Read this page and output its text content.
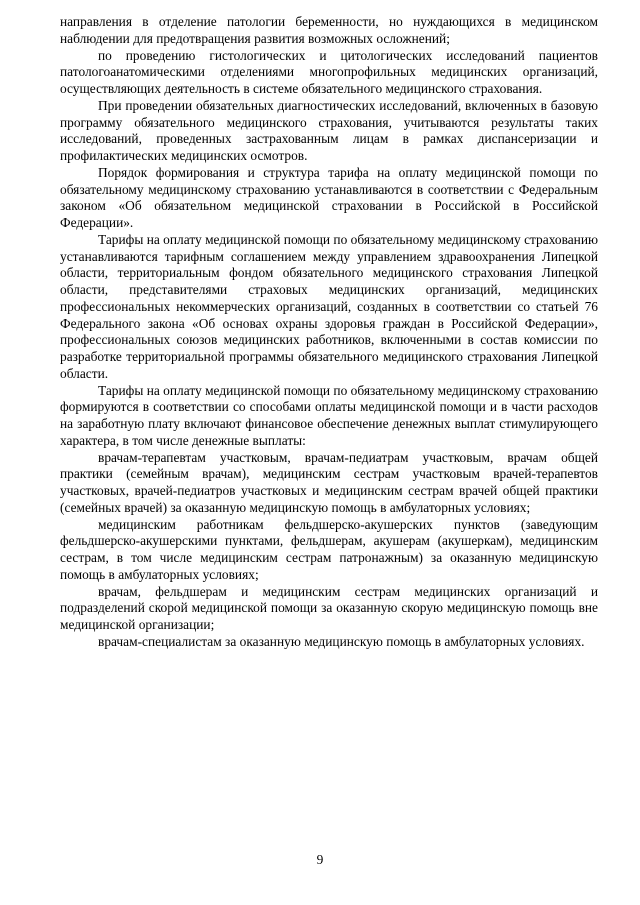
направления в отделение патологии беременности, но нуждающихся в медицинском наблюдении для предотвращения развития возможных осложнений;

по проведению гистологических и цитологических исследований пациентов патологоанатомическими отделениями многопрофильных медицинских организаций, осуществляющих деятельность в системе обязательного медицинского страхования.

При проведении обязательных диагностических исследований, включенных в базовую программу обязательного медицинского страхования, учитываются результаты таких исследований, проведенных застрахованным лицам в рамках диспансеризации и профилактических медицинских осмотров.

Порядок формирования и структура тарифа на оплату медицинской помощи по обязательному медицинскому страхованию устанавливаются в соответствии с Федеральным законом «Об обязательном медицинской страховании в Российской в Российской Федерации».

Тарифы на оплату медицинской помощи по обязательному медицинскому страхованию устанавливаются тарифным соглашением между управлением здравоохранения Липецкой области, территориальным фондом обязательного медицинского страхования Липецкой области, представителями страховых медицинских организаций, медицинских профессиональных некоммерческих организаций, созданных в соответствии со статьей 76 Федерального закона «Об основах охраны здоровья граждан в Российской Федерации», профессиональных союзов медицинских работников, включенными в состав комиссии по разработке территориальной программы обязательного медицинского страхования Липецкой области.

Тарифы на оплату медицинской помощи по обязательному медицинскому страхованию формируются в соответствии со способами оплаты медицинской помощи и в части расходов на заработную плату включают финансовое обеспечение денежных выплат стимулирующего характера, в том числе денежные выплаты:

врачам-терапевтам участковым, врачам-педиатрам участковым, врачам общей практики (семейным врачам), медицинским сестрам участковым врачей-терапевтов участковых, врачей-педиатров участковых и медицинским сестрам врачей общей практики (семейных врачей) за оказанную медицинскую помощь в амбулаторных условиях;

медицинским работникам фельдшерско-акушерских пунктов (заведующим фельдшерско-акушерскими пунктами, фельдшерам, акушерам (акушеркам), медицинским сестрам, в том числе медицинским сестрам патронажным) за оказанную медицинскую помощь в амбулаторных условиях;

врачам, фельдшерам и медицинским сестрам медицинских организаций и подразделений скорой медицинской помощи за оказанную скорую медицинскую помощь вне медицинской организации;

врачам-специалистам за оказанную медицинскую помощь в амбулаторных условиях.

9
